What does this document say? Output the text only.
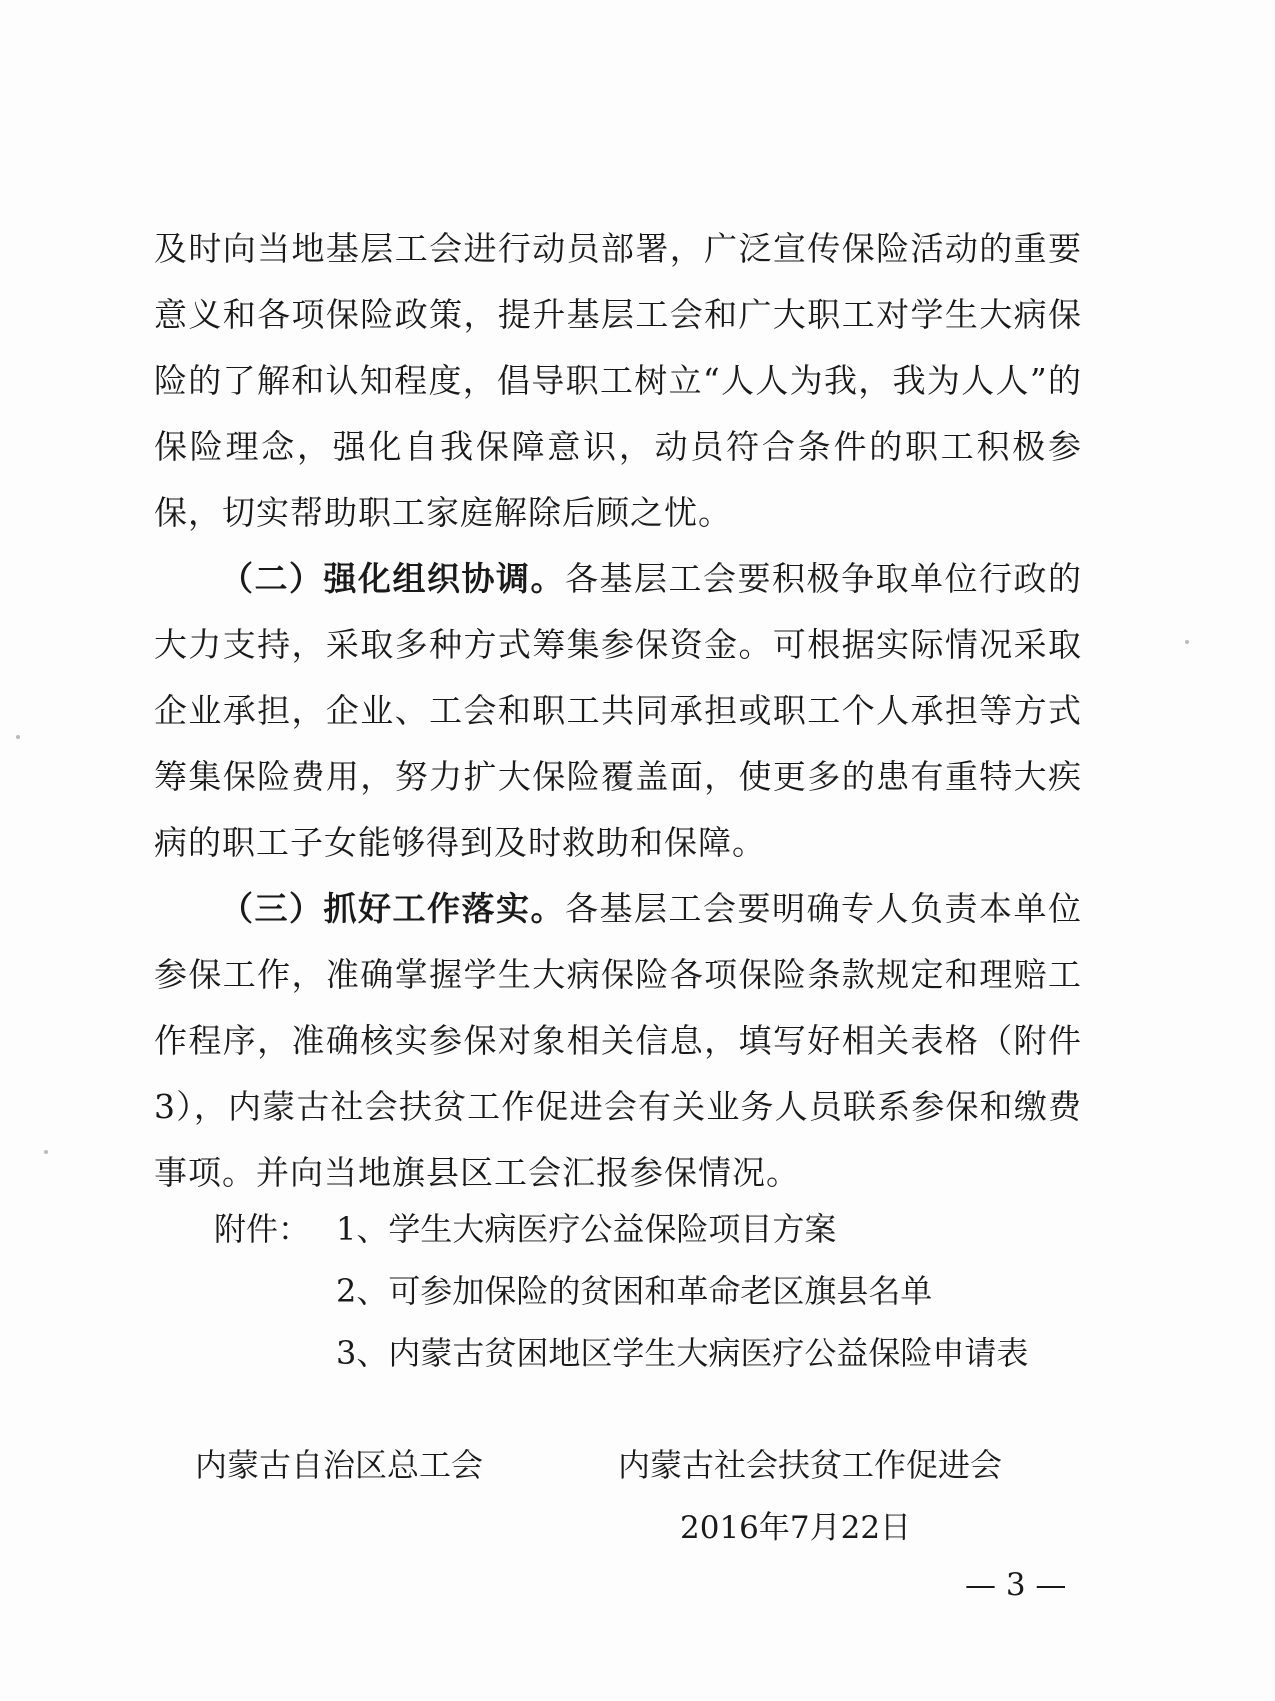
及时向当地基层工会进行动员部署，广泛宣传保险活动的重要意义和各项保险政策，提升基层工会和广大职工对学生大病保险的了解和认知程度，倡导职工树立“人人为我，我为人人”的保险理念，强化自我保障意识，动员符合条件的职工积极参保，切实帮助职工家庭解除后顾之忧。

（二）强化组织协调。各基层工会要积极争取单位行政的大力支持，采取多种方式筹集参保资金。可根据实际情况采取企业承担，企业、工会和职工共同承担或职工个人承担等方式筹集保险费用，努力扩大保险覆盖面，使更多的患有重特大疾病的职工子女能够得到及时救助和保障。

（三）抓好工作落实。各基层工会要明确专人负责本单位参保工作，准确掌握学生大病保险各项保险条款规定和理赔工作程序，准确核实参保对象相关信息，填写好相关表格（附件3），内蒙古社会扶贫工作促进会有关业务人员联系参保和缴费事项。并向当地旗县区工会汇报参保情况。

附件： 1、学生大病医疗公益保险项目方案
2、可参加保险的贫困和革命老区旗县名单
3、内蒙古贫困地区学生大病医疗公益保险申请表
内蒙古自治区总工会	内蒙古社会扶贫工作促进会
2016年7月22日
— 3 —
